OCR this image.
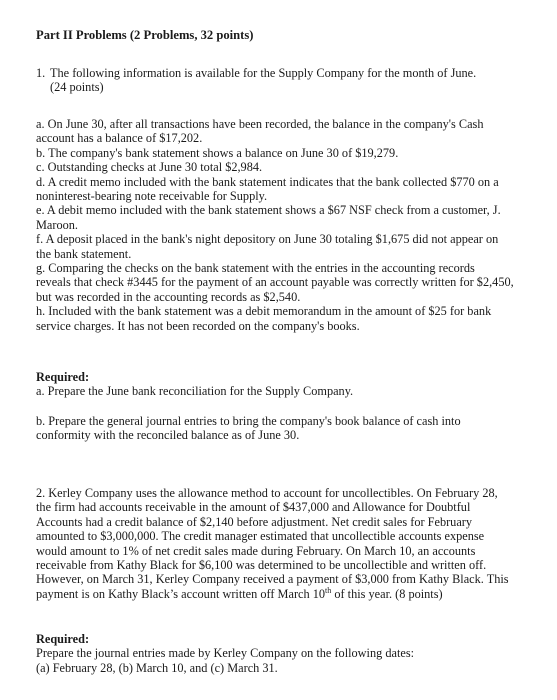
Part II Problems (2 Problems, 32 points)
1. The following information is available for the Supply Company for the month of June.
(24 points)
a. On June 30, after all transactions have been recorded, the balance in the company's Cash
account has a balance of $17,202.
b. The company's bank statement shows a balance on June 30 of $19,279.
c. Outstanding checks at June 30 total $2,984.
d. A credit memo included with the bank statement indicates that the bank collected $770 on a
noninterest-bearing note receivable for Supply.
e. A debit memo included with the bank statement shows a $67 NSF check from a customer, J.
Maroon.
f. A deposit placed in the bank's night depository on June 30 totaling $1,675 did not appear on
the bank statement.
g. Comparing the checks on the bank statement with the entries in the accounting records
reveals that check #3445 for the payment of an account payable was correctly written for $2,450,
but was recorded in the accounting records as $2,540.
h. Included with the bank statement was a debit memorandum in the amount of $25 for bank
service charges. It has not been recorded on the company's books.
Required:
a. Prepare the June bank reconciliation for the Supply Company.
b. Prepare the general journal entries to bring the company's book balance of cash into
conformity with the reconciled balance as of June 30.
2. Kerley Company uses the allowance method to account for uncollectibles. On February 28,
the firm had accounts receivable in the amount of $437,000 and Allowance for Doubtful
Accounts had a credit balance of $2,140 before adjustment. Net credit sales for February
amounted to $3,000,000. The credit manager estimated that uncollectible accounts expense
would amount to 1% of net credit sales made during February. On March 10, an accounts
receivable from Kathy Black for $6,100 was determined to be uncollectible and written off.
However, on March 31, Kerley Company received a payment of $3,000 from Kathy Black. This
payment is on Kathy Black’s account written off March 10th of this year. (8 points)
Required:
Prepare the journal entries made by Kerley Company on the following dates:
(a) February 28, (b) March 10, and (c) March 31.
